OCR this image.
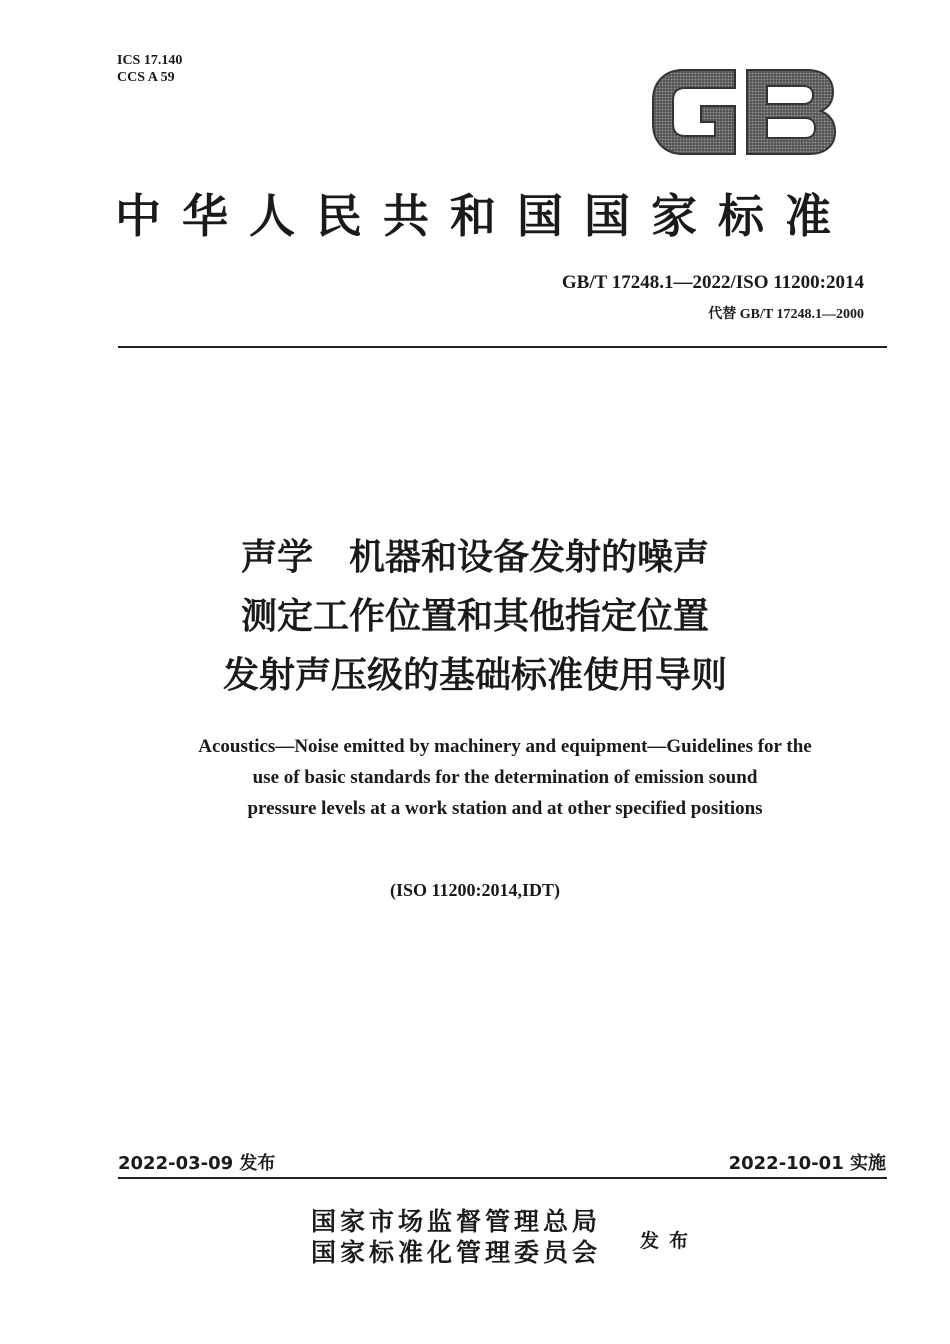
ICS 17.140
CCS A 59
中华人民共和国国家标准
GB/T 17248.1—2022/ISO 11200:2014
代替 GB/T 17248.1—2000
声学　机器和设备发射的噪声
测定工作位置和其他指定位置
发射声压级的基础标准使用导则
Acoustics—Noise emitted by machinery and equipment—Guidelines for the
use of basic standards for the determination of emission sound
pressure levels at a work station and at other specified positions
(ISO 11200:2014,IDT)
2022-03-09 发布	2022-10-01 实施
国家市场监督管理总局
国家标准化管理委员会 发布
